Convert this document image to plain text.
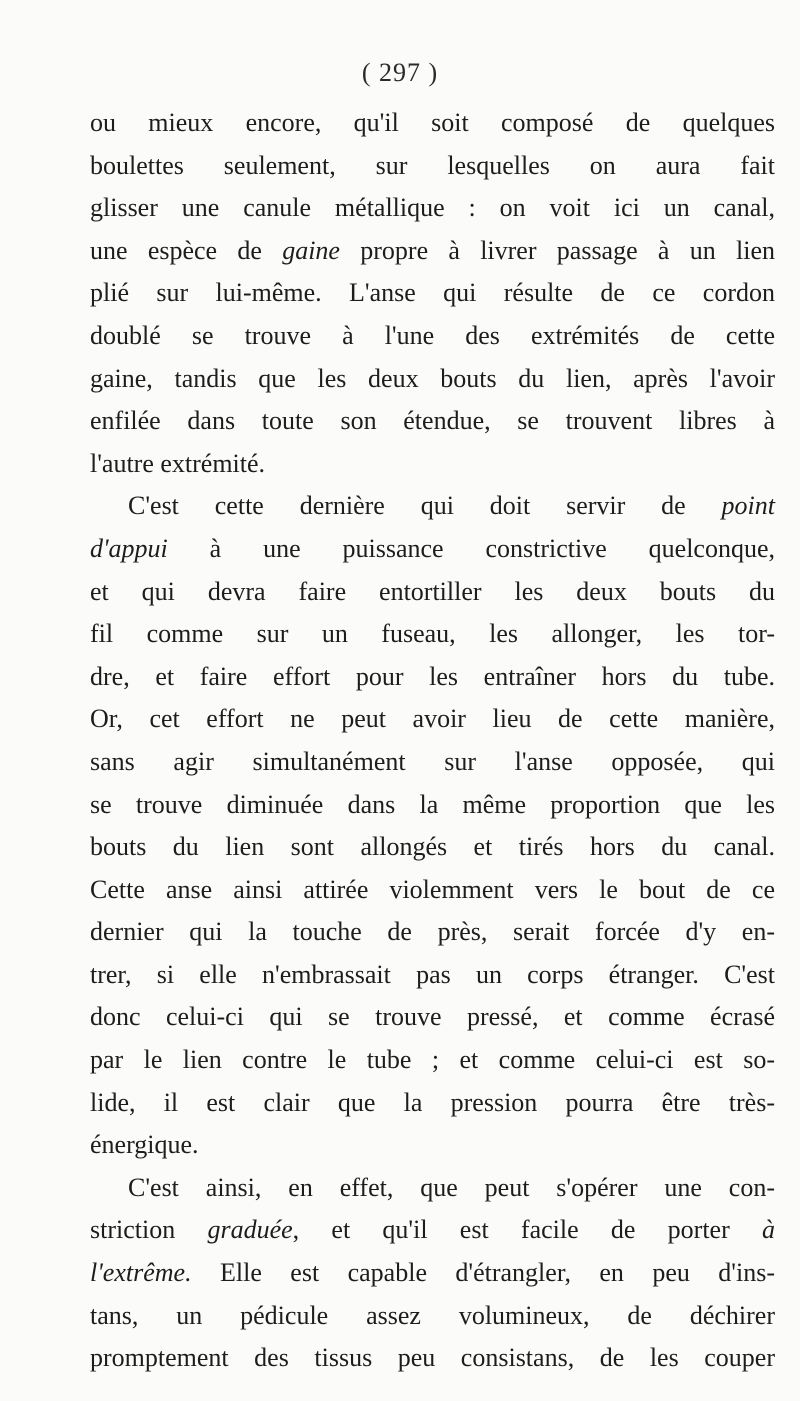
( 297 )
ou mieux encore, qu'il soit composé de quelques
boulettes seulement, sur lesquelles on aura fait
glisser une canule métallique : on voit ici un canal,
une espèce de gaine propre à livrer passage à un lien
plié sur lui-même. L'anse qui résulte de ce cordon
doublé se trouve à l'une des extrémités de cette
gaine, tandis que les deux bouts du lien, après l'avoir
enfilée dans toute son étendue, se trouvent libres à
l'autre extrémité.
C'est cette dernière qui doit servir de point
d'appui à une puissance constrictive quelconque,
et qui devra faire entortiller les deux bouts du
fil comme sur un fuseau, les allonger, les tor-
dre, et faire effort pour les entraîner hors du tube.
Or, cet effort ne peut avoir lieu de cette manière,
sans agir simultanément sur l'anse opposée, qui
se trouve diminuée dans la même proportion que les
bouts du lien sont allongés et tirés hors du canal.
Cette anse ainsi attirée violemment vers le bout de ce
dernier qui la touche de près, serait forcée d'y en-
trer, si elle n'embrassait pas un corps étranger. C'est
donc celui-ci qui se trouve pressé, et comme écrasé
par le lien contre le tube ; et comme celui-ci est so-
lide, il est clair que la pression pourra être très-
énergique.
C'est ainsi, en effet, que peut s'opérer une con-
striction graduée, et qu'il est facile de porter à
l'extrême. Elle est capable d'étrangler, en peu d'ins-
tans, un pédicule assez volumineux, de déchirer
promptement des tissus peu consistans, de les couper
